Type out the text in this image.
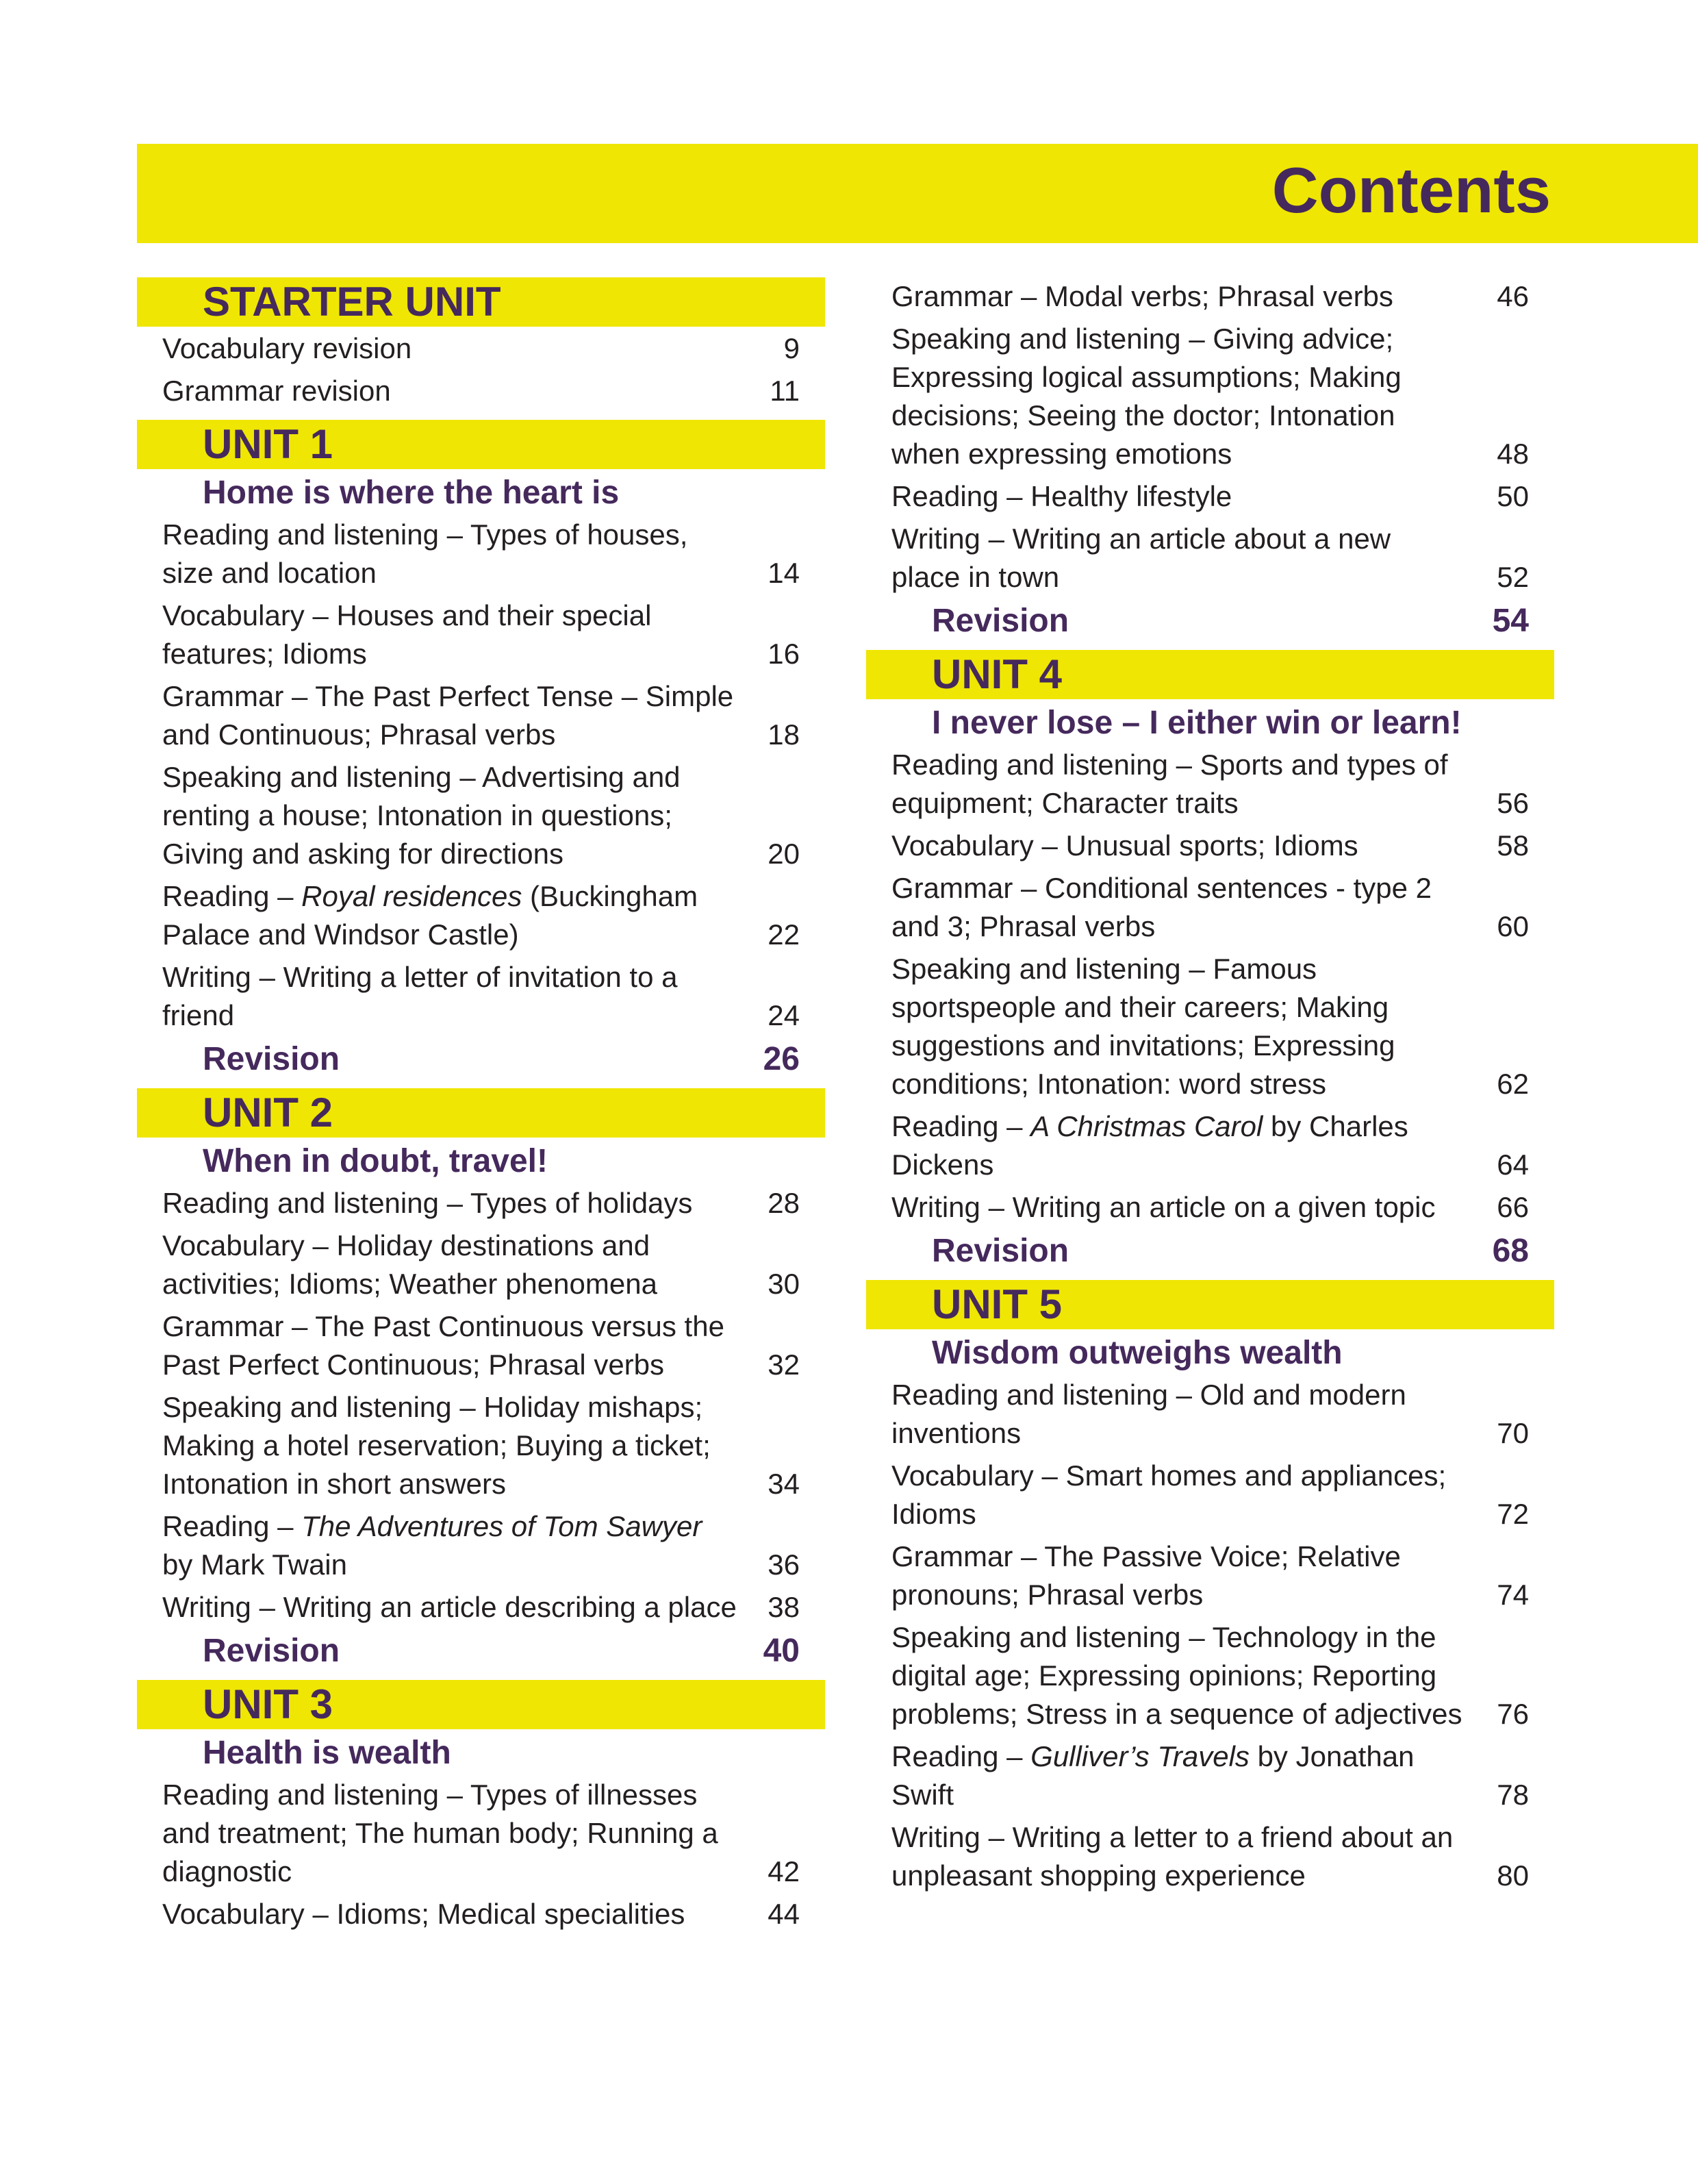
Contents
STARTER UNIT
Vocabulary revision	9
Grammar revision	11
UNIT 1
Home is where the heart is
Reading and listening – Types of houses, size and location	14
Vocabulary – Houses and their special features; Idioms	16
Grammar – The Past Perfect Tense – Simple and Continuous; Phrasal verbs	18
Speaking and listening – Advertising and renting a house; Intonation in questions; Giving and asking for directions	20
Reading – Royal residences (Buckingham Palace and Windsor Castle)	22
Writing – Writing a letter of invitation to a friend	24
Revision	26
UNIT 2
When in doubt, travel!
Reading and listening – Types of holidays	28
Vocabulary – Holiday destinations and activities; Idioms; Weather phenomena	30
Grammar – The Past Continuous versus the Past Perfect Continuous; Phrasal verbs	32
Speaking and listening – Holiday mishaps; Making a hotel reservation; Buying a ticket; Intonation in short answers	34
Reading – The Adventures of Tom Sawyer by Mark Twain	36
Writing – Writing an article describing a place	38
Revision	40
UNIT 3
Health is wealth
Reading and listening – Types of illnesses and treatment; The human body; Running a diagnostic	42
Vocabulary – Idioms; Medical specialities	44
Grammar – Modal verbs; Phrasal verbs	46
Speaking and listening – Giving advice; Expressing logical assumptions; Making decisions; Seeing the doctor; Intonation when expressing emotions	48
Reading – Healthy lifestyle	50
Writing – Writing an article about a new place in town	52
Revision	54
UNIT 4
I never lose – I either win or learn!
Reading and listening – Sports and types of equipment; Character traits	56
Vocabulary – Unusual sports; Idioms	58
Grammar – Conditional sentences - type 2 and 3; Phrasal verbs	60
Speaking and listening – Famous sportspeople and their careers; Making suggestions and invitations; Expressing conditions; Intonation: word stress	62
Reading – A Christmas Carol by Charles Dickens	64
Writing – Writing an article on a given topic	66
Revision	68
UNIT 5
Wisdom outweighs wealth
Reading and listening – Old and modern inventions	70
Vocabulary – Smart homes and appliances; Idioms	72
Grammar – The Passive Voice; Relative pronouns; Phrasal verbs	74
Speaking and listening – Technology in the digital age; Expressing opinions; Reporting problems; Stress in a sequence of adjectives	76
Reading – Gulliver’s Travels by Jonathan Swift	78
Writing – Writing a letter to a friend about an unpleasant shopping experience	80
